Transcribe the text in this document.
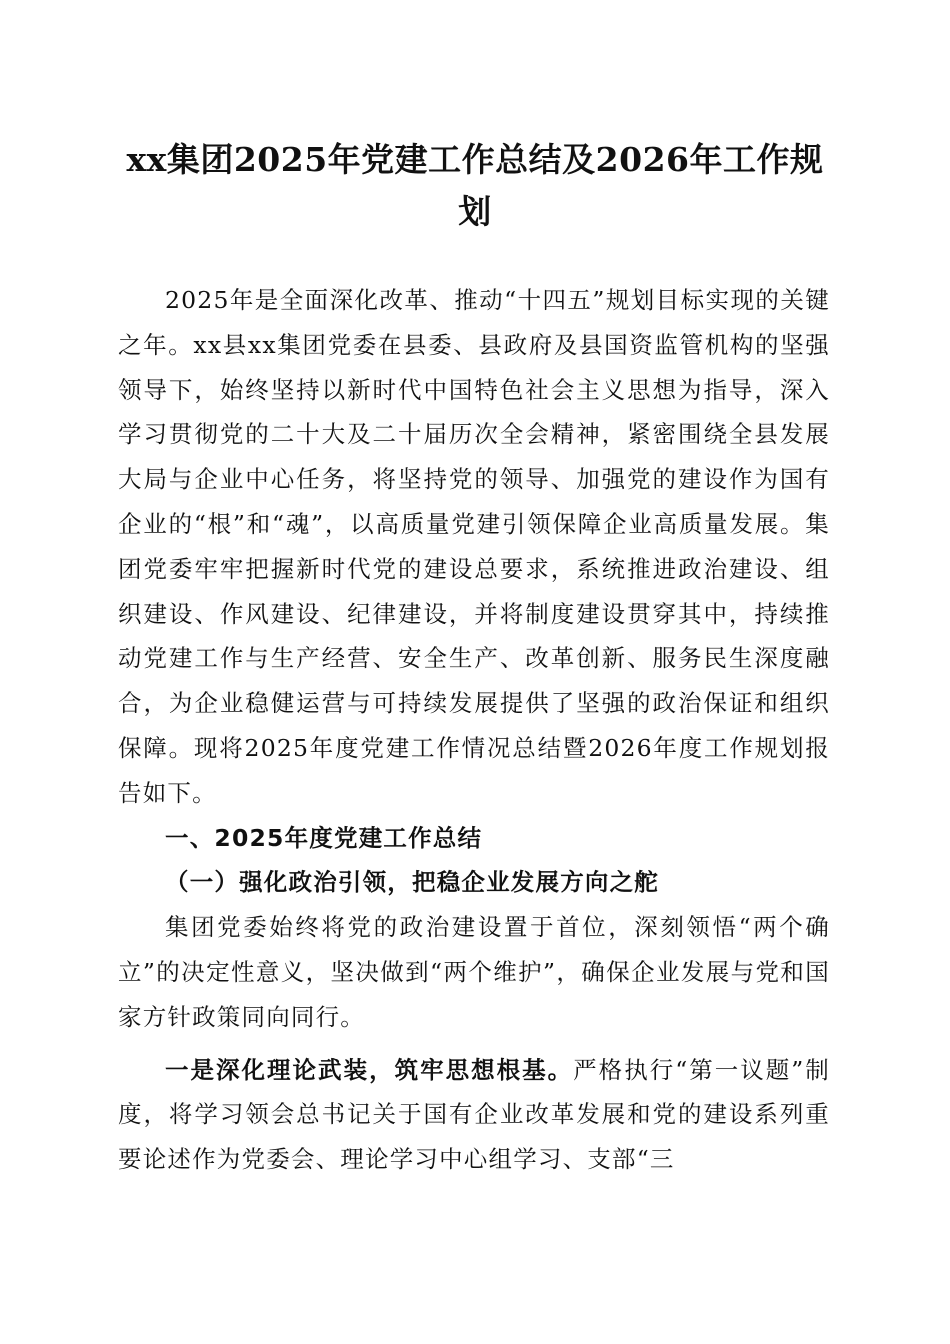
xx集团2025年党建工作总结及2026年工作规划

2025年是全面深化改革、推动“十四五”规划目标实现的关键之年。xx县xx集团党委在县委、县政府及县国资监管机构的坚强领导下，始终坚持以新时代中国特色社会主义思想为指导，深入学习贯彻党的二十大及二十届历次全会精神，紧密围绕全县发展大局与企业中心任务，将坚持党的领导、加强党的建设作为国有企业的“根”和“魂”，以高质量党建引领保障企业高质量发展。集团党委牢牢把握新时代党的建设总要求，系统推进政治建设、组织建设、作风建设、纪律建设，并将制度建设贯穿其中，持续推动党建工作与生产经营、安全生产、改革创新、服务民生深度融合，为企业稳健运营与可持续发展提供了坚强的政治保证和组织保障。现将2025年度党建工作情况总结暨2026年度工作规划报告如下。

一、2025年度党建工作总结

（一）强化政治引领，把稳企业发展方向之舵

集团党委始终将党的政治建设置于首位，深刻领悟“两个确立”的决定性意义，坚决做到“两个维护”，确保企业发展与党和国家方针政策同向同行。

一是深化理论武装，筑牢思想根基。严格执行“第一议题”制度，将学习领会总书记关于国有企业改革发展和党的建设系列重要论述作为党委会、理论学习中心组学习、支部“三
